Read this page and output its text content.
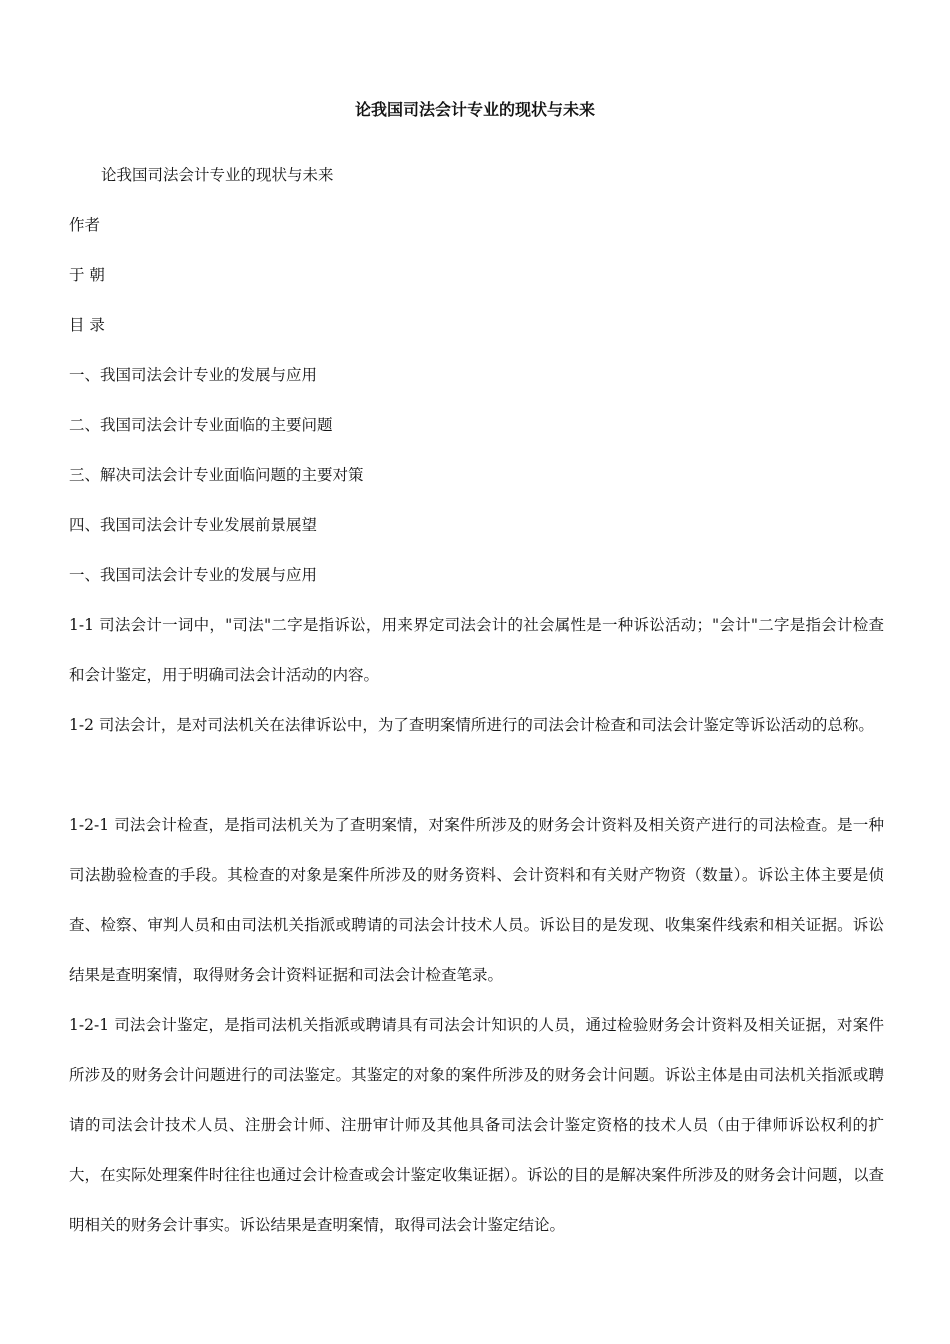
论我国司法会计专业的现状与未来
论我国司法会计专业的现状与未来
作者
于 朝
目 录
一、我国司法会计专业的发展与应用
二、我国司法会计专业面临的主要问题
三、解决司法会计专业面临问题的主要对策
四、我国司法会计专业发展前景展望
一、我国司法会计专业的发展与应用
1-1 司法会计一词中，"司法"二字是指诉讼，用来界定司法会计的社会属性是一种诉讼活动；"会计"二字是指会计检查和会计鉴定，用于明确司法会计活动的内容。
1-2 司法会计，是对司法机关在法律诉讼中，为了查明案情所进行的司法会计检查和司法会计鉴定等诉讼活动的总称。
1-2-1 司法会计检查，是指司法机关为了查明案情，对案件所涉及的财务会计资料及相关资产进行的司法检查。是一种司法勘验检查的手段。其检查的对象是案件所涉及的财务资料、会计资料和有关财产物资（数量）。诉讼主体主要是侦查、检察、审判人员和由司法机关指派或聘请的司法会计技术人员。诉讼目的是发现、收集案件线索和相关证据。诉讼结果是查明案情，取得财务会计资料证据和司法会计检查笔录。
1-2-1 司法会计鉴定，是指司法机关指派或聘请具有司法会计知识的人员，通过检验财务会计资料及相关证据，对案件所涉及的财务会计问题进行的司法鉴定。其鉴定的对象的案件所涉及的财务会计问题。诉讼主体是由司法机关指派或聘请的司法会计技术人员、注册会计师、注册审计师及其他具备司法会计鉴定资格的技术人员（由于律师诉讼权利的扩大，在实际处理案件时往往也通过会计检查或会计鉴定收集证据）。诉讼的目的是解决案件所涉及的财务会计问题，以查明相关的财务会计事实。诉讼结果是查明案情，取得司法会计鉴定结论。
